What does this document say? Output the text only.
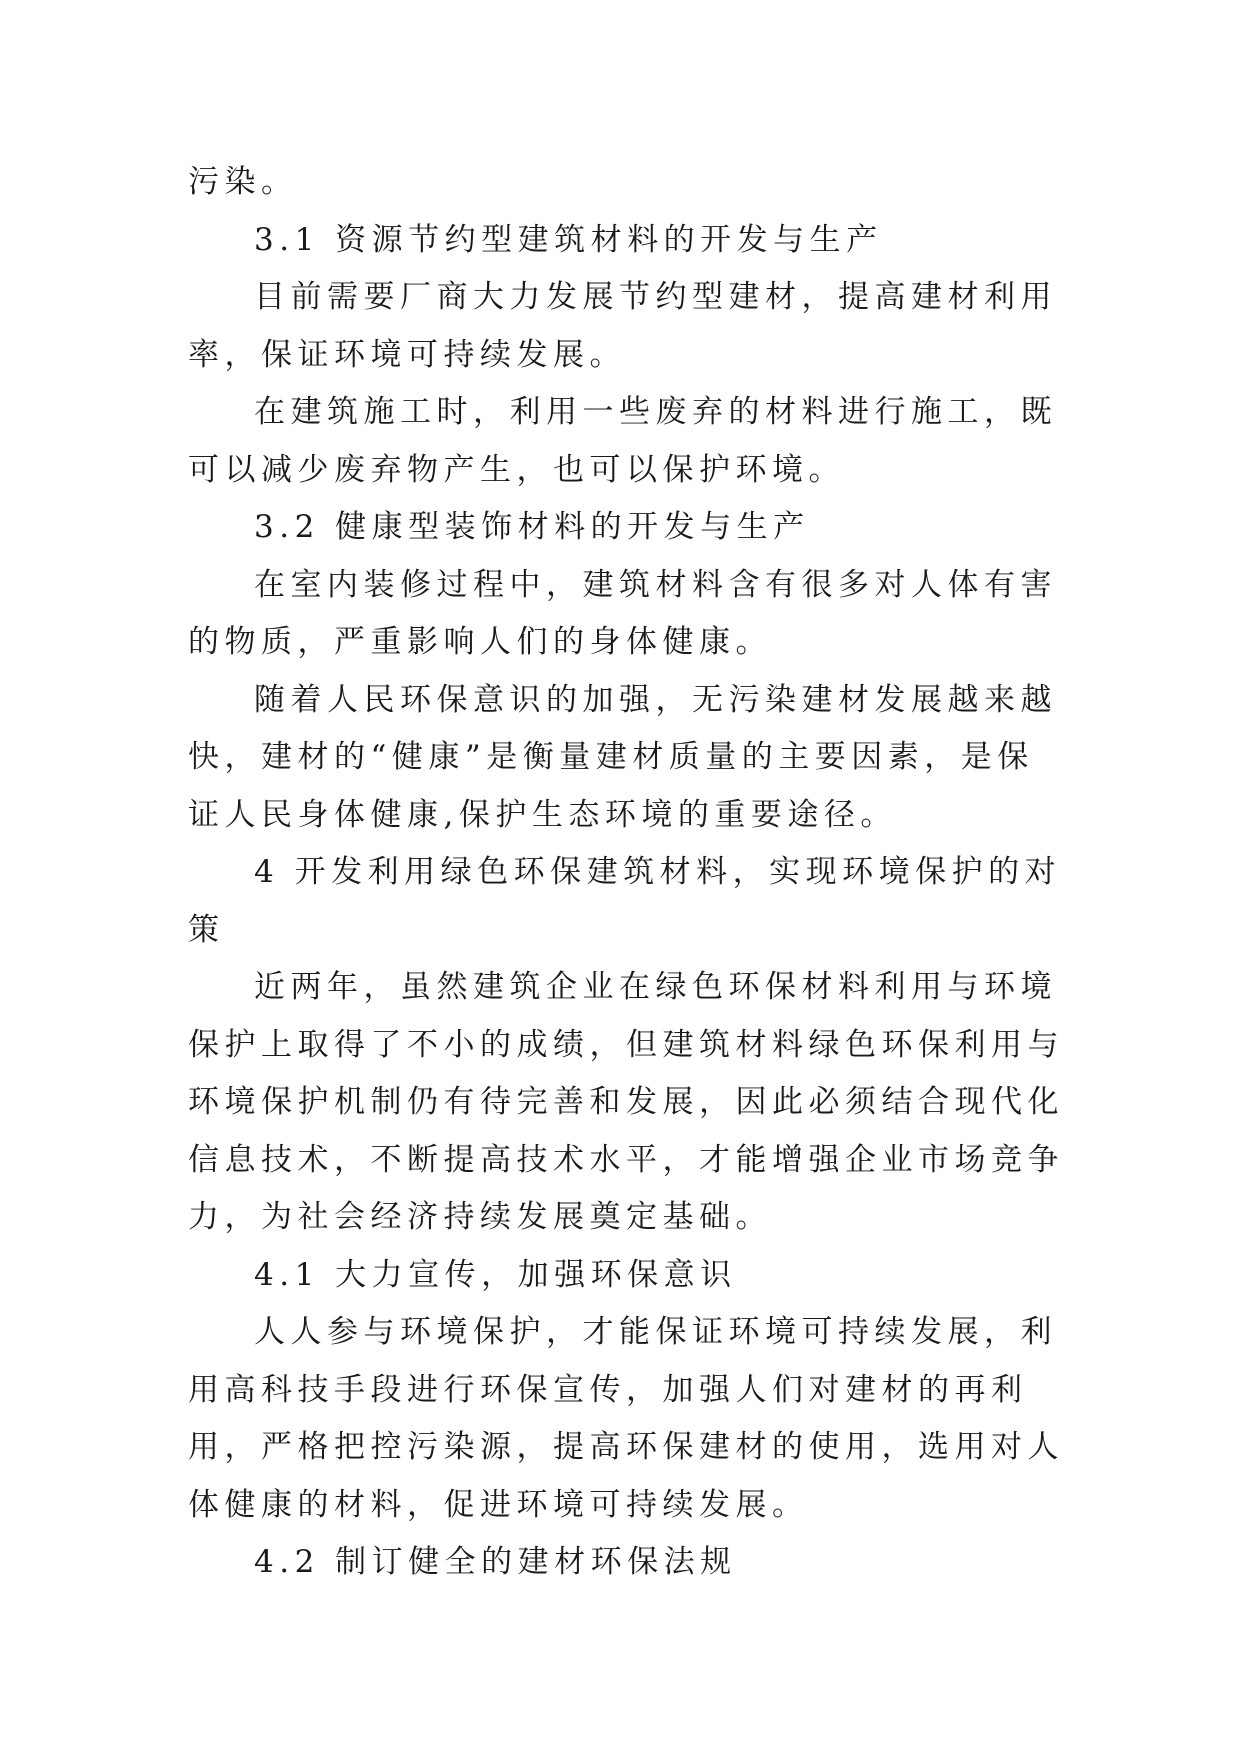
污染。

3.1 资源节约型建筑材料的开发与生产

目前需要厂商大力发展节约型建材，提高建材利用率，保证环境可持续发展。

在建筑施工时，利用一些废弃的材料进行施工，既可以减少废弃物产生，也可以保护环境。

3.2 健康型装饰材料的开发与生产

在室内装修过程中，建筑材料含有很多对人体有害的物质，严重影响人们的身体健康。

随着人民环保意识的加强，无污染建材发展越来越快，建材的“健康”是衡量建材质量的主要因素，是保证人民身体健康,保护生态环境的重要途径。

4 开发利用绿色环保建筑材料，实现环境保护的对策

近两年，虽然建筑企业在绿色环保材料利用与环境保护上取得了不小的成绩，但建筑材料绿色环保利用与环境保护机制仍有待完善和发展，因此必须结合现代化信息技术，不断提高技术水平，才能增强企业市场竞争力，为社会经济持续发展奠定基础。

4.1 大力宣传，加强环保意识

人人参与环境保护，才能保证环境可持续发展，利用高科技手段进行环保宣传，加强人们对建材的再利用，严格把控污染源，提高环保建材的使用，选用对人体健康的材料，促进环境可持续发展。

4.2 制订健全的建材环保法规
